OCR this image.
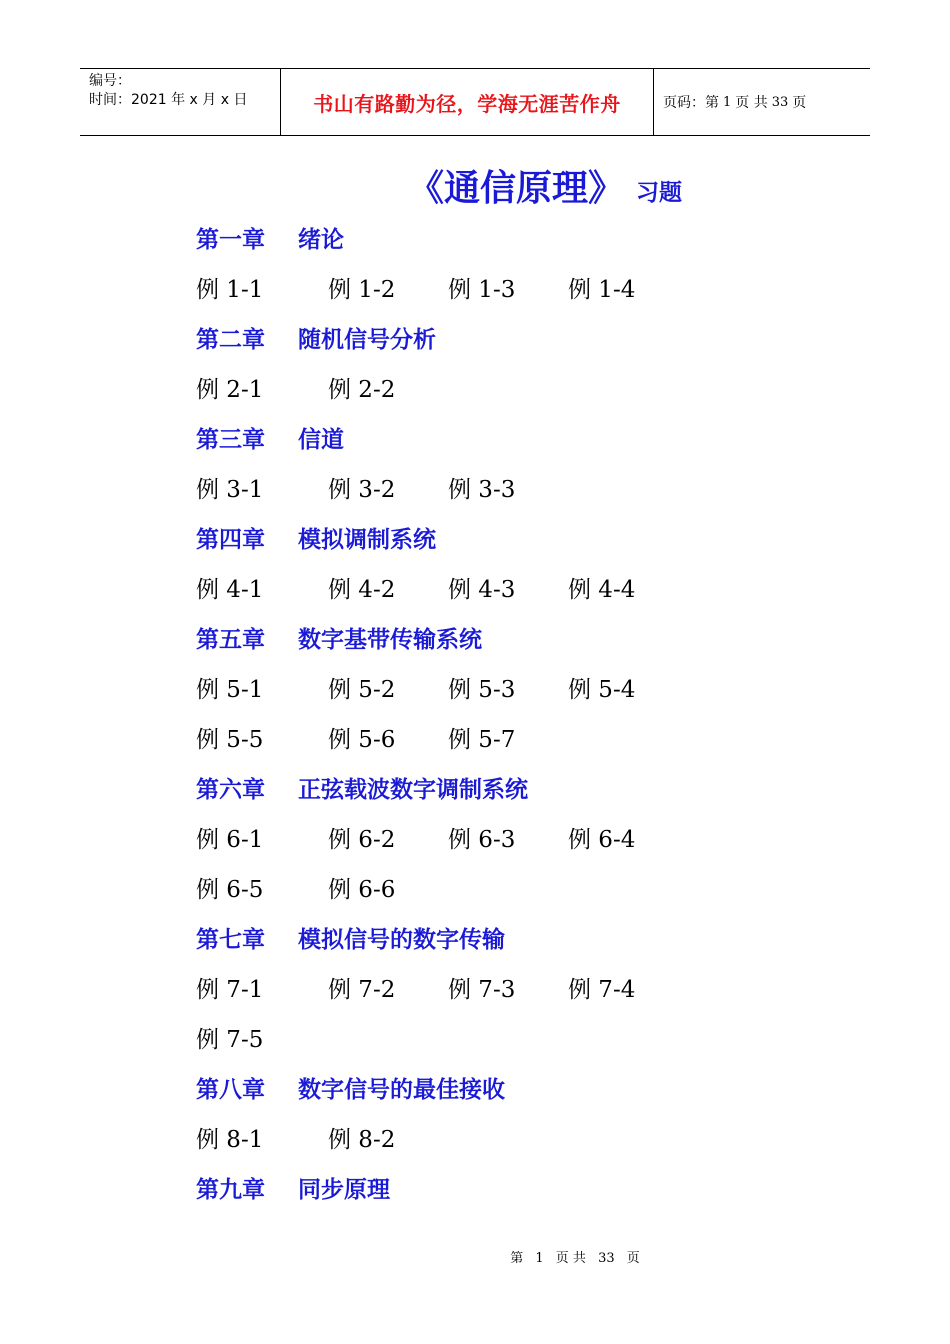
编号：
时间：2021 年 x 月 x 日	书山有路勤为径，学海无涯苦作舟	页码：第 1 页 共 33 页
《通信原理》 习题
第一章	绪论
例 1-1	例 1-2	例 1-3	例 1-4
第二章	随机信号分析
例 2-1	例 2-2
第三章	信道
例 3-1	例 3-2	例 3-3
第四章	模拟调制系统
例 4-1	例 4-2	例 4-3	例 4-4
第五章	数字基带传输系统
例 5-1	例 5-2	例 5-3	例 5-4
例 5-5	例 5-6	例 5-7
第六章	正弦载波数字调制系统
例 6-1	例 6-2	例 6-3	例 6-4
例 6-5	例 6-6
第七章	模拟信号的数字传输
例 7-1	例 7-2	例 7-3	例 7-4
例 7-5
第八章	数字信号的最佳接收
例 8-1	例 8-2
第九章	同步原理
第 1 页 共 33 页
